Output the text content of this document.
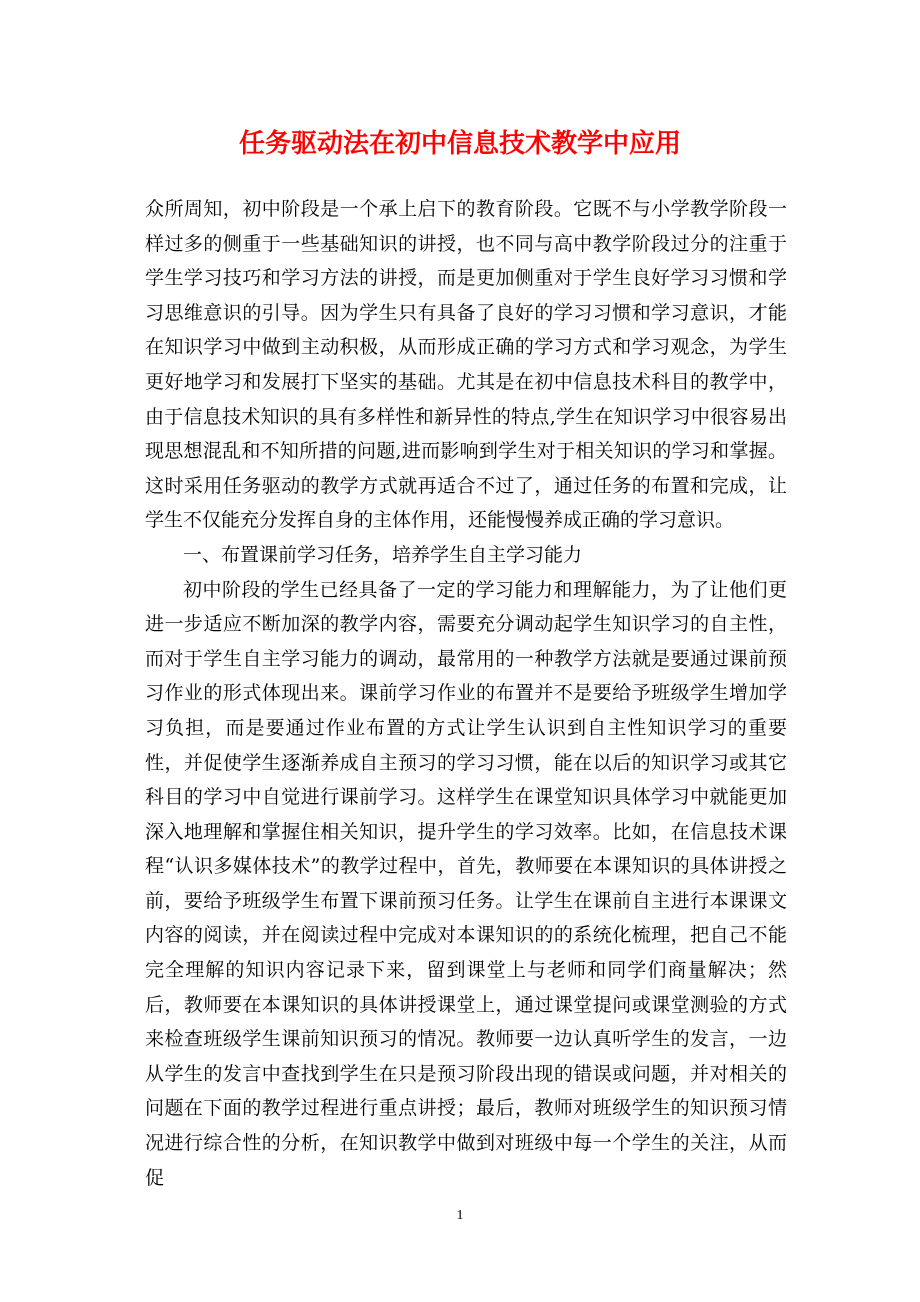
任务驱动法在初中信息技术教学中应用

众所周知，初中阶段是一个承上启下的教育阶段。它既不与小学教学阶段一样过多的侧重于一些基础知识的讲授，也不同与高中教学阶段过分的注重于学生学习技巧和学习方法的讲授，而是更加侧重对于学生良好学习习惯和学习思维意识的引导。因为学生只有具备了良好的学习习惯和学习意识，才能在知识学习中做到主动积极，从而形成正确的学习方式和学习观念，为学生更好地学习和发展打下坚实的基础。尤其是在初中信息技术科目的教学中，由于信息技术知识的具有多样性和新异性的特点,学生在知识学习中很容易出现思想混乱和不知所措的问题,进而影响到学生对于相关知识的学习和掌握。这时采用任务驱动的教学方式就再适合不过了，通过任务的布置和完成，让学生不仅能充分发挥自身的主体作用，还能慢慢养成正确的学习意识。

一、布置课前学习任务，培养学生自主学习能力

初中阶段的学生已经具备了一定的学习能力和理解能力，为了让他们更进一步适应不断加深的教学内容，需要充分调动起学生知识学习的自主性，而对于学生自主学习能力的调动，最常用的一种教学方法就是要通过课前预习作业的形式体现出来。课前学习作业的布置并不是要给予班级学生增加学习负担，而是要通过作业布置的方式让学生认识到自主性知识学习的重要性，并促使学生逐渐养成自主预习的学习习惯，能在以后的知识学习或其它科目的学习中自觉进行课前学习。这样学生在课堂知识具体学习中就能更加深入地理解和掌握住相关知识，提升学生的学习效率。比如，在信息技术课程“认识多媒体技术”的教学过程中，首先，教师要在本课知识的具体讲授之前，要给予班级学生布置下课前预习任务。让学生在课前自主进行本课课文内容的阅读，并在阅读过程中完成对本课知识的的系统化梳理，把自己不能完全理解的知识内容记录下来，留到课堂上与老师和同学们商量解决；然后，教师要在本课知识的具体讲授课堂上，通过课堂提问或课堂测验的方式来检查班级学生课前知识预习的情况。教师要一边认真听学生的发言，一边从学生的发言中查找到学生在只是预习阶段出现的错误或问题，并对相关的问题在下面的教学过程进行重点讲授；最后，教师对班级学生的知识预习情况进行综合性的分析，在知识教学中做到对班级中每一个学生的关注，从而促

1
